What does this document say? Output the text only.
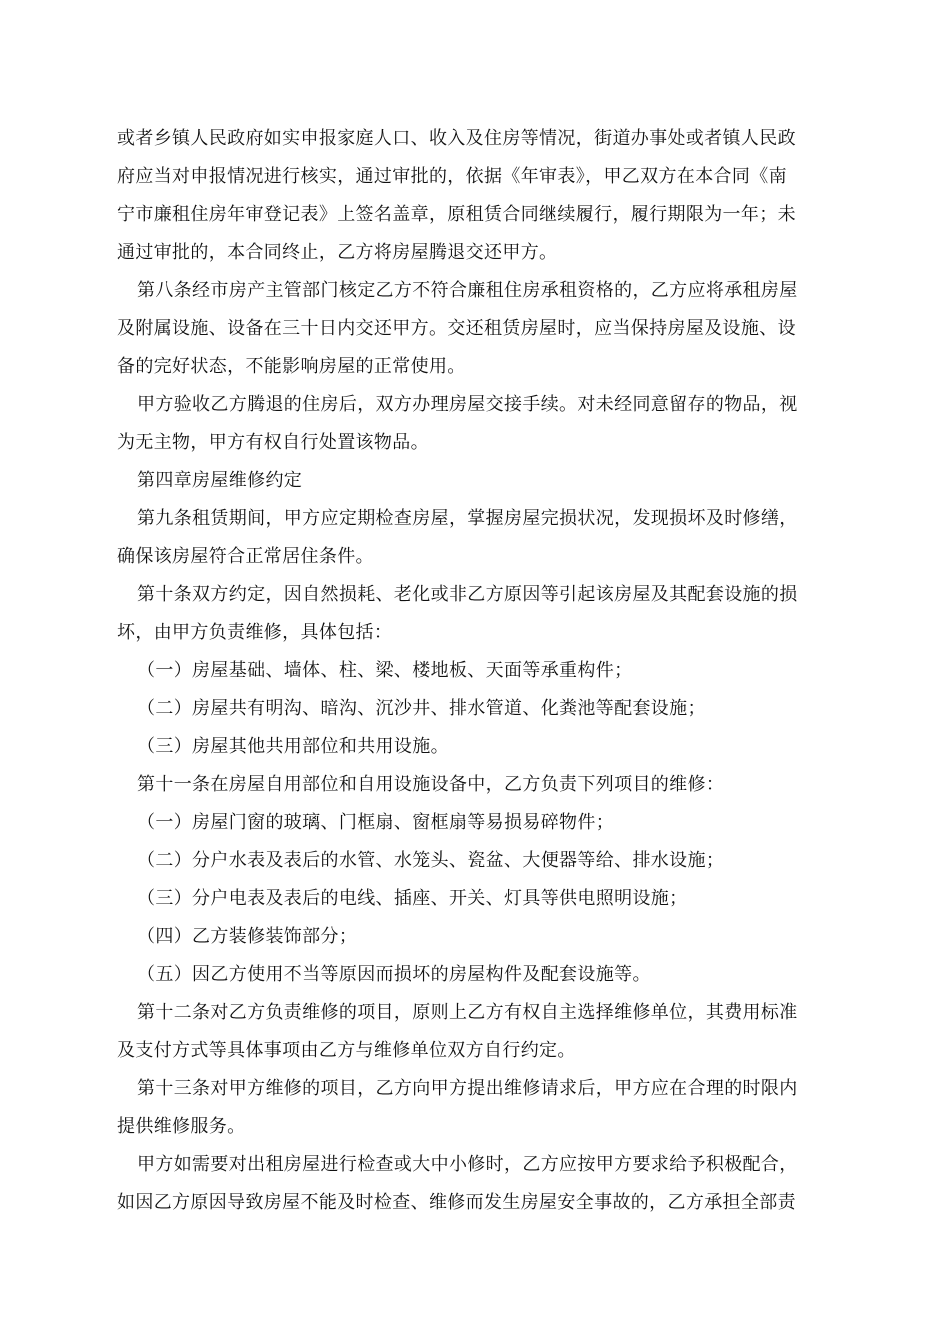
或者乡镇人民政府如实申报家庭人口、收入及住房等情况，街道办事处或者镇人民政
府应当对申报情况进行核实，通过审批的，依据《年审表》，甲乙双方在本合同《南
宁市廉租住房年审登记表》上签名盖章，原租赁合同继续履行，履行期限为一年；未
通过审批的，本合同终止，乙方将房屋腾退交还甲方。
第八条经市房产主管部门核定乙方不符合廉租住房承租资格的，乙方应将承租房屋
及附属设施、设备在三十日内交还甲方。交还租赁房屋时，应当保持房屋及设施、设
备的完好状态，不能影响房屋的正常使用。
甲方验收乙方腾退的住房后，双方办理房屋交接手续。对未经同意留存的物品，视
为无主物，甲方有权自行处置该物品。
第四章房屋维修约定
第九条租赁期间，甲方应定期检查房屋，掌握房屋完损状况，发现损坏及时修缮，
确保该房屋符合正常居住条件。
第十条双方约定，因自然损耗、老化或非乙方原因等引起该房屋及其配套设施的损
坏，由甲方负责维修，具体包括：
（一）房屋基础、墙体、柱、梁、楼地板、天面等承重构件；
（二）房屋共有明沟、暗沟、沉沙井、排水管道、化粪池等配套设施；
（三）房屋其他共用部位和共用设施。
第十一条在房屋自用部位和自用设施设备中，乙方负责下列项目的维修：
（一）房屋门窗的玻璃、门框扇、窗框扇等易损易碎物件；
（二）分户水表及表后的水管、水笼头、瓷盆、大便器等给、排水设施；
（三）分户电表及表后的电线、插座、开关、灯具等供电照明设施；
（四）乙方装修装饰部分；
（五）因乙方使用不当等原因而损坏的房屋构件及配套设施等。
第十二条对乙方负责维修的项目，原则上乙方有权自主选择维修单位，其费用标准
及支付方式等具体事项由乙方与维修单位双方自行约定。
第十三条对甲方维修的项目，乙方向甲方提出维修请求后，甲方应在合理的时限内
提供维修服务。
甲方如需要对出租房屋进行检查或大中小修时，乙方应按甲方要求给予积极配合，
如因乙方原因导致房屋不能及时检查、维修而发生房屋安全事故的，乙方承担全部责
